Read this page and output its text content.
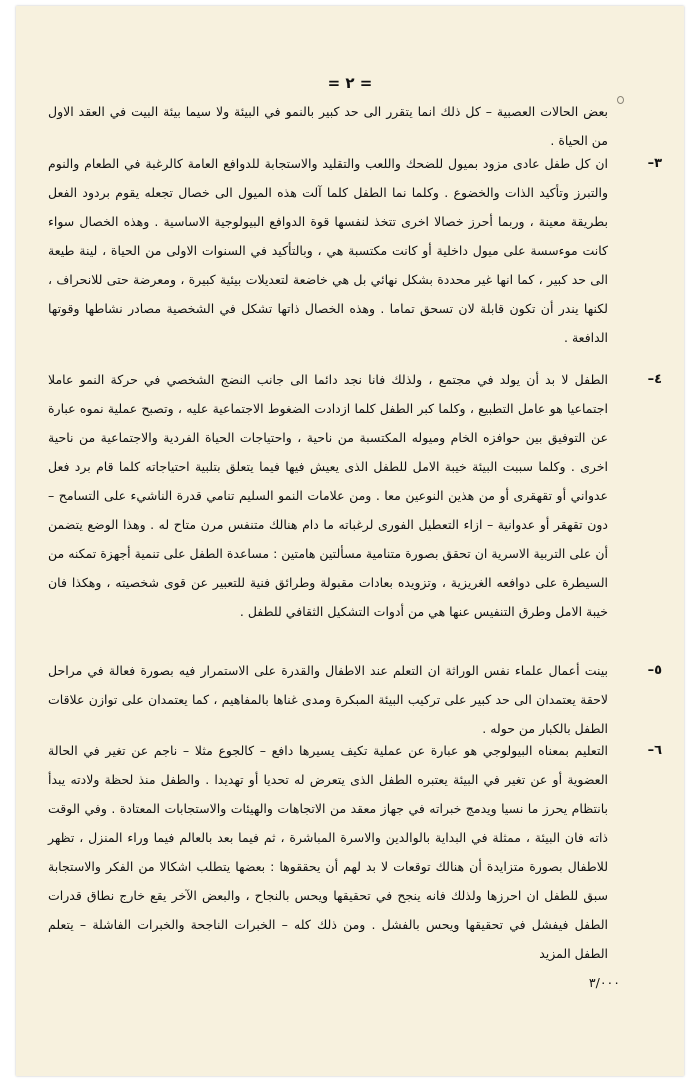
= ٢ =
بعض الحالات العصبية – كل ذلك انما يتقرر الى حد كبير بالنمو في البيئة ولا سيما بيئة البيت في العقد الاول من الحياة .
٣–
ان كل طفل عادى مزود بميول للضحك واللعب والتقليد والاستجابة للدوافع العامة كالرغبة في الطعام والنوم والتبرز وتأكيد الذات والخضوع . وكلما نما الطفل كلما آلت هذه الميول الى خصال تجعله يقوم بردود الفعل بطريقة معينة ، وربما أحرز خصالا اخرى تتخذ لنفسها قوة الدوافع البيولوجية الاساسية . وهذه الخصال سواء كانت موءسسة على ميول داخلية أو كانت مكتسبة هي ، وبالتأكيد في السنوات الاولى من الحياة ، لينة طيعة الى حد كبير ، كما انها غير محددة بشكل نهائي بل هي خاضعة لتعديلات بيئية كبيرة ، ومعرضة حتى للانحراف ، لكنها يندر أن تكون قابلة لان تسحق تماما . وهذه الخصال ذاتها تشكل في الشخصية مصادر نشاطها وقوتها الدافعة .
٤–
الطفل لا بد أن يولد في مجتمع ، ولذلك فانا نجد دائما الى جانب النضج الشخصي في حركة النمو عاملا اجتماعيا هو عامل التطبيع ، وكلما كبر الطفل كلما ازدادت الضغوط الاجتماعية عليه ، وتصبح عملية نموه عبارة عن التوفيق بين حوافزه الخام وميوله المكتسبة من ناحية ، واحتياجات الحياة الفردية والاجتماعية من ناحية اخرى . وكلما سببت البيئة خيبة الامل للطفل الذى يعيش فيها فيما يتعلق بتلبية احتياجاته كلما قام برد فعل عدواني أو تقهقرى أو من هذين النوعين معا . ومن علامات النمو السليم تنامي قدرة الناشيء على التسامح – دون تقهقر أو عدوانية – ازاء التعطيل الفورى لرغباته ما دام هنالك متنفس مرن متاح له . وهذا الوضع يتضمن أن على التربية الاسرية ان تحقق بصورة متنامية مسألتين هامتين : مساعدة الطفل على تنمية أجهزة تمكنه من السيطرة على دوافعه الغريزية ، وتزويده بعادات مقبولة وطرائق فنية للتعبير عن قوى شخصيته ، وهكذا فان خيبة الامل وطرق التنفيس عنها هي من أدوات التشكيل الثقافي للطفل .
٥–
بينت أعمال علماء نفس الوراثة ان التعلم عند الاطفال والقدرة على الاستمرار فيه بصورة فعالة في مراحل لاحقة يعتمدان الى حد كبير على تركيب البيئة المبكرة ومدى غناها بالمفاهيم ، كما يعتمدان على توازن علاقات الطفل بالكبار من حوله .
٦–
التعليم بمعناه البيولوجي هو عبارة عن عملية تكيف يسيرها دافع – كالجوع مثلا – ناجم عن تغير في الحالة العضوية أو عن تغير في البيئة يعتبره الطفل الذى يتعرض له تحديا أو تهديدا . والطفل منذ لحظة ولادته يبدأ بانتظام يحرز ما نسيا ويدمج خبراته في جهاز معقد من الاتجاهات والهيئات والاستجابات المعتادة . وفي الوقت ذاته فان البيئة ، ممثلة في البداية بالوالدين والاسرة المباشرة ، ثم فيما بعد بالعالم فيما وراء المنزل ، تظهر للاطفال بصورة متزايدة أن هنالك توقعات لا بد لهم أن يحققوها : بعضها يتطلب اشكالا من الفكر والاستجابة سبق للطفل ان احرزها ولذلك فانه ينجح في تحقيقها ويحس بالنجاح ، والبعض الآخر يقع خارج نطاق قدرات الطفل فيفشل في تحقيقها ويحس بالفشل . ومن ذلك كله – الخبرات الناجحة والخبرات الفاشلة – يتعلم الطفل المزيد
٣/٠٠٠
